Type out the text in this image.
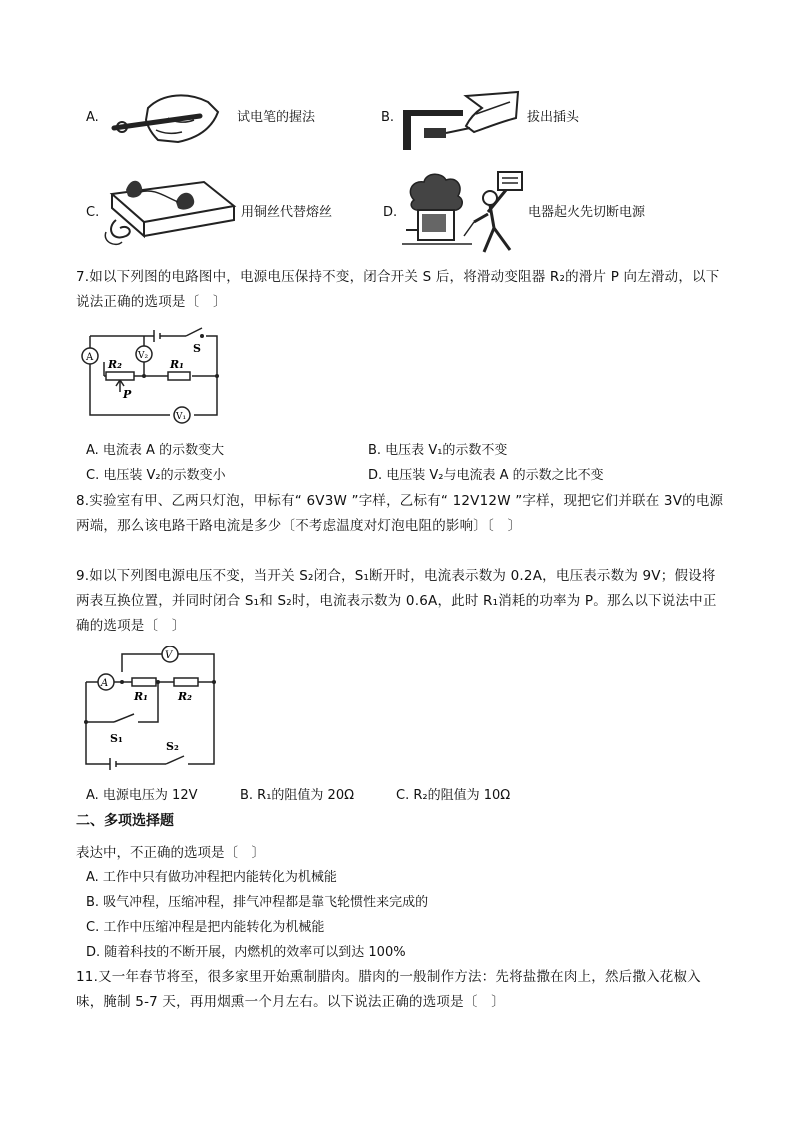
A.	试电笔的握法	B.	拔出插头
C.	用铜丝代替熔丝	D.	电器起火先切断电源
7.如以下列图的电路图中，电源电压保持不变，闭合开关 S 后，将滑动变阻器 R₂的滑片 P 向左滑动，以下说法正确的选项是〔　〕
A	V₂
V₁
S
R₂	R₁
P
A. 电流表 A 的示数变大	B. 电压表 V₁的示数不变
C. 电压装 V₂的示数变小	D. 电压装 V₂与电流表 A 的示数之比不变
8.实验室有甲、乙两只灯泡，甲标有“ 6V3W ”字样，乙标有“ 12V12W ”字样，现把它们并联在 3V的电源两端，那么该电路干路电流是多少〔不考虑温度对灯泡电阻的影响〕〔　〕
9.如以下列图电源电压不变，当开关 S₂闭合，S₁断开时，电流表示数为 0.2A，电压表示数为 9V；假设将两表互换位置，并同时闭合 S₁和 S₂时，电流表示数为 0.6A，此时 R₁消耗的功率为 P。那么以下说法中正确的选项是〔　〕
V
A
R₁	R₂
S₁
S₂
A. 电源电压为 12V	B. R₁的阻值为 20Ω	C. R₂的阻值为 10Ω
二、多项选择题
表达中，不正确的选项是〔　〕
A. 工作中只有做功冲程把内能转化为机械能
B. 吸气冲程，压缩冲程，排气冲程都是靠飞轮惯性来完成的
C. 工作中压缩冲程是把内能转化为机械能
D. 随着科技的不断开展，内燃机的效率可以到达 100%
11.又一年春节将至，很多家里开始熏制腊肉。腊肉的一般制作方法：先将盐撒在肉上，然后撒入花椒入味，腌制 5-7 天，再用烟熏一个月左右。以下说法正确的选项是〔　〕
